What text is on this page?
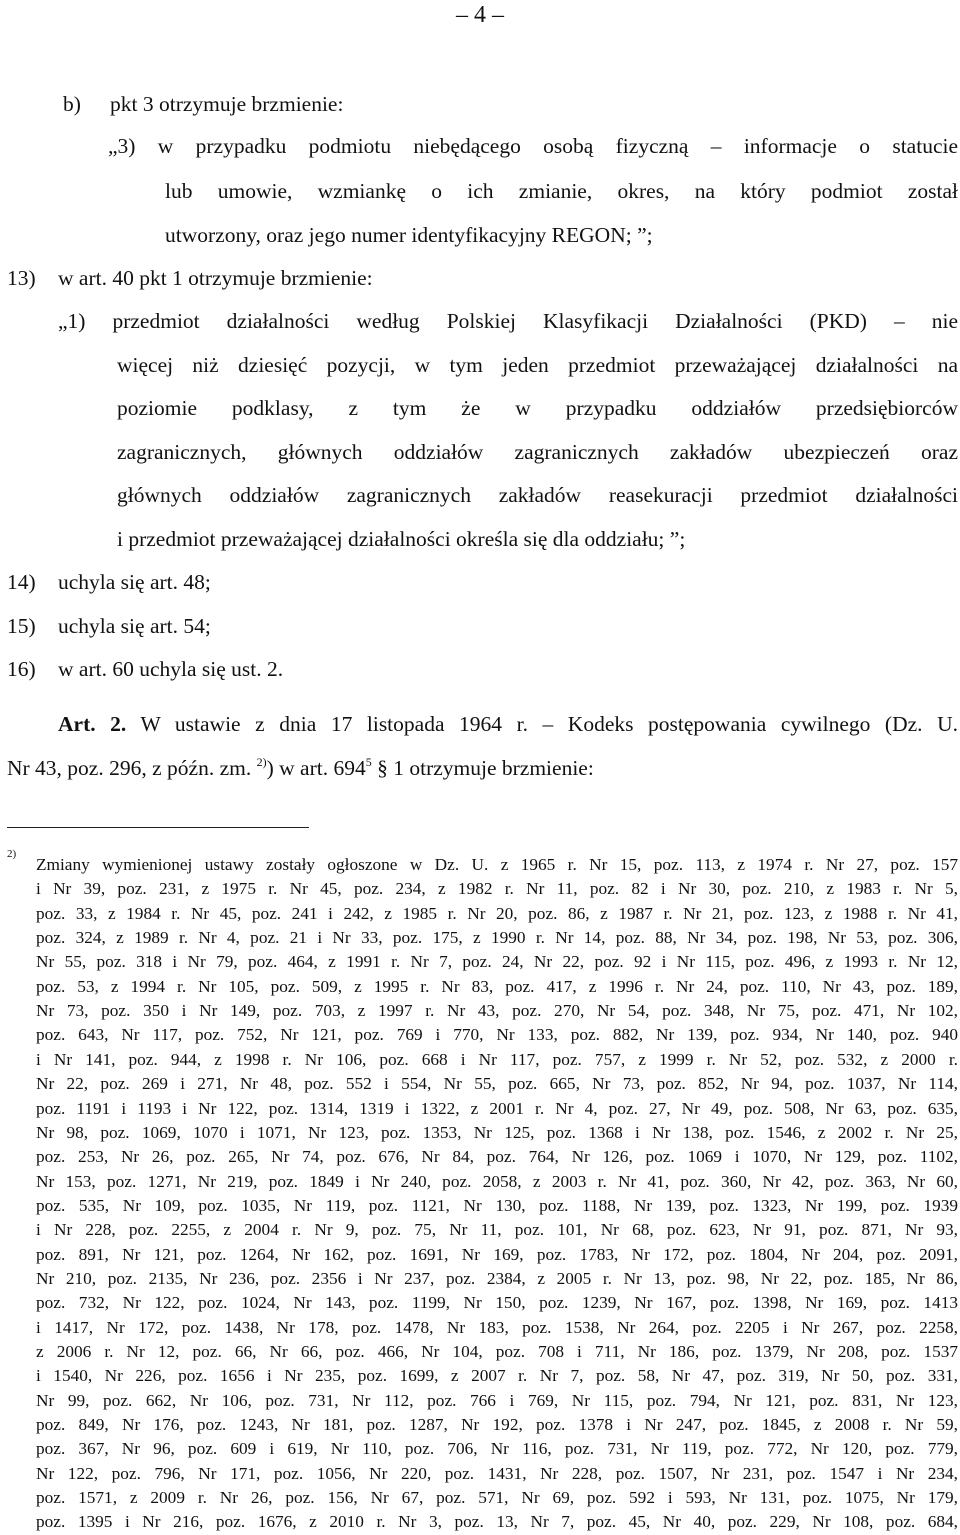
– 4 –
b) pkt 3 otrzymuje brzmienie:
„3) w przypadku podmiotu niebędącego osobą fizyczną – informacje o statucie
lub umowie, wzmiankę o ich zmianie, okres, na który podmiot został
utworzony, oraz jego numer identyfikacyjny REGON; ”;
13) w art. 40 pkt 1 otrzymuje brzmienie:
„1) przedmiot działalności według Polskiej Klasyfikacji Działalności (PKD) – nie
więcej niż dziesięć pozycji, w tym jeden przedmiot przeważającej działalności na
poziomie podklasy, z tym że w przypadku oddziałów przedsiębiorców
zagranicznych, głównych oddziałów zagranicznych zakładów ubezpieczeń oraz
głównych oddziałów zagranicznych zakładów reasekuracji przedmiot działalności
i przedmiot przeważającej działalności określa się dla oddziału; ”;
14) uchyla się art. 48;
15) uchyla się art. 54;
16) w art. 60 uchyla się ust. 2.
Art. 2. W ustawie z dnia 17 listopada 1964 r. – Kodeks postępowania cywilnego (Dz. U.
Nr 43, poz. 296, z późn. zm. $^{2)}$) w art. $694^5$ § 1 otrzymuje brzmienie:
2)
Zmiany wymienionej ustawy zostały ogłoszone w Dz. U. z 1965 r. Nr 15, poz. 113, z 1974 r. Nr 27, poz. 157
i Nr 39, poz. 231, z 1975 r. Nr 45, poz. 234, z 1982 r. Nr 11, poz. 82 i Nr 30, poz. 210, z 1983 r. Nr 5,
poz. 33, z 1984 r. Nr 45, poz. 241 i 242, z 1985 r. Nr 20, poz. 86, z 1987 r. Nr 21, poz. 123, z 1988 r. Nr 41,
poz. 324, z 1989 r. Nr 4, poz. 21 i Nr 33, poz. 175, z 1990 r. Nr 14, poz. 88, Nr 34, poz. 198, Nr 53, poz. 306,
Nr 55, poz. 318 i Nr 79, poz. 464, z 1991 r. Nr 7, poz. 24, Nr 22, poz. 92 i Nr 115, poz. 496, z 1993 r. Nr 12,
poz. 53, z 1994 r. Nr 105, poz. 509, z 1995 r. Nr 83, poz. 417, z 1996 r. Nr 24, poz. 110, Nr 43, poz. 189,
Nr 73, poz. 350 i Nr 149, poz. 703, z 1997 r. Nr 43, poz. 270, Nr 54, poz. 348, Nr 75, poz. 471, Nr 102,
poz. 643, Nr 117, poz. 752, Nr 121, poz. 769 i 770, Nr 133, poz. 882, Nr 139, poz. 934, Nr 140, poz. 940
i Nr 141, poz. 944, z 1998 r. Nr 106, poz. 668 i Nr 117, poz. 757, z 1999 r. Nr 52, poz. 532, z 2000 r.
Nr 22, poz. 269 i 271, Nr 48, poz. 552 i 554, Nr 55, poz. 665, Nr 73, poz. 852, Nr 94, poz. 1037, Nr 114,
poz. 1191 i 1193 i Nr 122, poz. 1314, 1319 i 1322, z 2001 r. Nr 4, poz. 27, Nr 49, poz. 508, Nr 63, poz. 635,
Nr 98, poz. 1069, 1070 i 1071, Nr 123, poz. 1353, Nr 125, poz. 1368 i Nr 138, poz. 1546, z 2002 r. Nr 25,
poz. 253, Nr 26, poz. 265, Nr 74, poz. 676, Nr 84, poz. 764, Nr 126, poz. 1069 i 1070, Nr 129, poz. 1102,
Nr 153, poz. 1271, Nr 219, poz. 1849 i Nr 240, poz. 2058, z 2003 r. Nr 41, poz. 360, Nr 42, poz. 363, Nr 60,
poz. 535, Nr 109, poz. 1035, Nr 119, poz. 1121, Nr 130, poz. 1188, Nr 139, poz. 1323, Nr 199, poz. 1939
i Nr 228, poz. 2255, z 2004 r. Nr 9, poz. 75, Nr 11, poz. 101, Nr 68, poz. 623, Nr 91, poz. 871, Nr 93,
poz. 891, Nr 121, poz. 1264, Nr 162, poz. 1691, Nr 169, poz. 1783, Nr 172, poz. 1804, Nr 204, poz. 2091,
Nr 210, poz. 2135, Nr 236, poz. 2356 i Nr 237, poz. 2384, z 2005 r. Nr 13, poz. 98, Nr 22, poz. 185, Nr 86,
poz. 732, Nr 122, poz. 1024, Nr 143, poz. 1199, Nr 150, poz. 1239, Nr 167, poz. 1398, Nr 169, poz. 1413
i 1417, Nr 172, poz. 1438, Nr 178, poz. 1478, Nr 183, poz. 1538, Nr 264, poz. 2205 i Nr 267, poz. 2258,
z 2006 r. Nr 12, poz. 66, Nr 66, poz. 466, Nr 104, poz. 708 i 711, Nr 186, poz. 1379, Nr 208, poz. 1537
i 1540, Nr 226, poz. 1656 i Nr 235, poz. 1699, z 2007 r. Nr 7, poz. 58, Nr 47, poz. 319, Nr 50, poz. 331,
Nr 99, poz. 662, Nr 106, poz. 731, Nr 112, poz. 766 i 769, Nr 115, poz. 794, Nr 121, poz. 831, Nr 123,
poz. 849, Nr 176, poz. 1243, Nr 181, poz. 1287, Nr 192, poz. 1378 i Nr 247, poz. 1845, z 2008 r. Nr 59,
poz. 367, Nr 96, poz. 609 i 619, Nr 110, poz. 706, Nr 116, poz. 731, Nr 119, poz. 772, Nr 120, poz. 779,
Nr 122, poz. 796, Nr 171, poz. 1056, Nr 220, poz. 1431, Nr 228, poz. 1507, Nr 231, poz. 1547 i Nr 234,
poz. 1571, z 2009 r. Nr 26, poz. 156, Nr 67, poz. 571, Nr 69, poz. 592 i 593, Nr 131, poz. 1075, Nr 179,
poz. 1395 i Nr 216, poz. 1676, z 2010 r. Nr 3, poz. 13, Nr 7, poz. 45, Nr 40, poz. 229, Nr 108, poz. 684,
